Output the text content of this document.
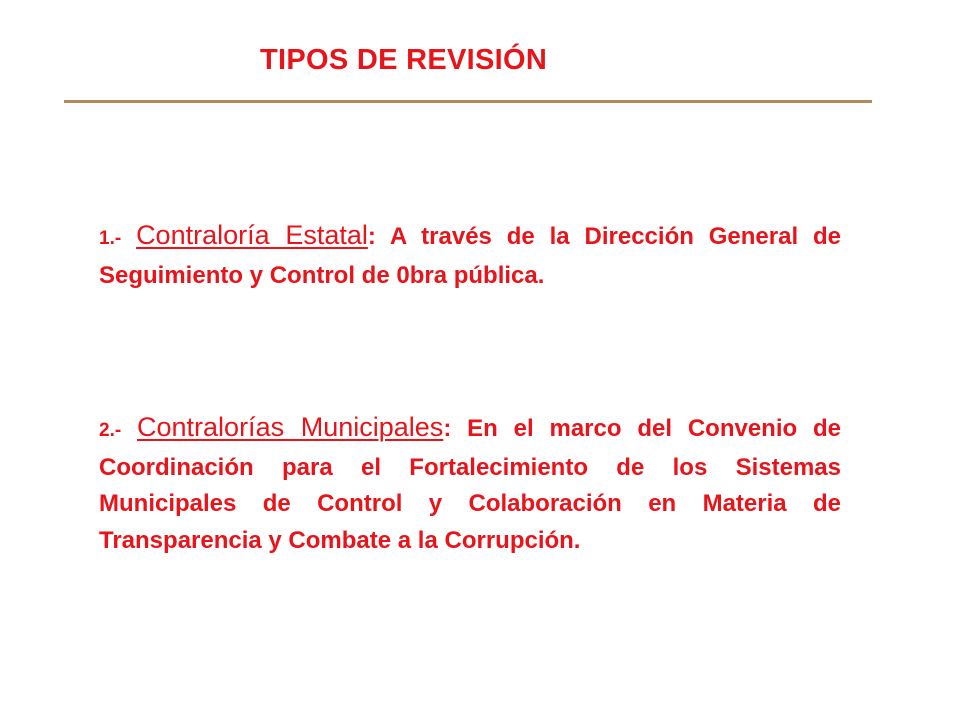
TIPOS DE REVISIÓN

1.- Contraloría Estatal: A través de la Dirección General de Seguimiento y Control de 0bra pública.

2.- Contralorías Municipales: En el marco del Convenio de Coordinación para el Fortalecimiento de los Sistemas Municipales de Control y Colaboración en Materia de Transparencia y Combate a la Corrupción.
